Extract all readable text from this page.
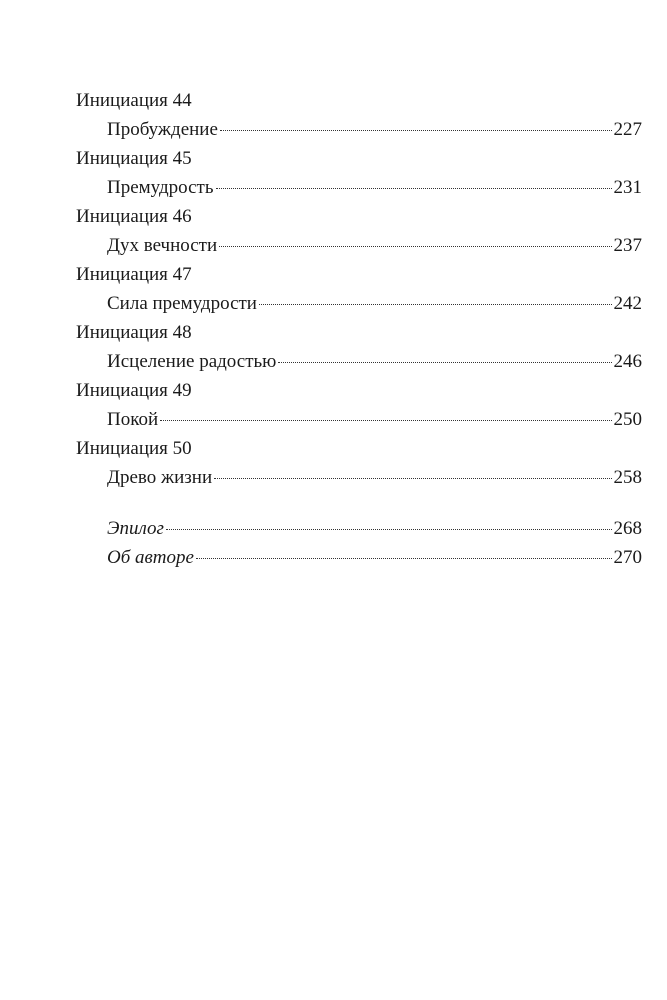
Инициация 44
Пробуждение	227
Инициация 45
Премудрость	231
Инициация 46
Дух вечности	237
Инициация 47
Сила премудрости	242
Инициация 48
Исцеление радостью	246
Инициация 49
Покой	250
Инициация 50
Древо жизни	258
Эпилог	268
Об авторе	270
